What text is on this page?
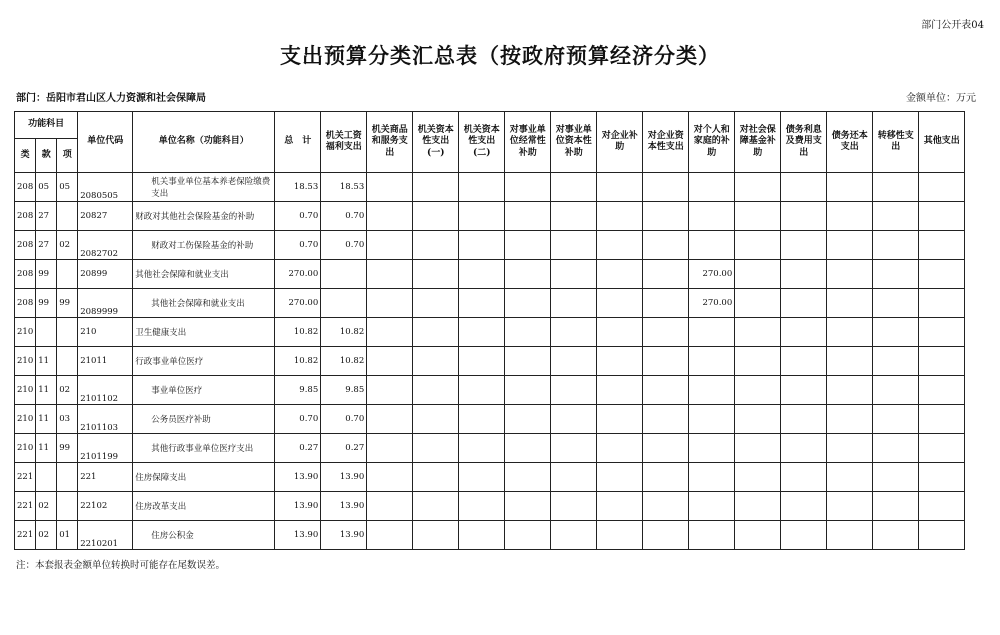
部门公开表04
支出预算分类汇总表（按政府预算经济分类）
部门：岳阳市君山区人力资源和社会保障局	金额单位：万元
功能科目			单位代码	单位名称（功能科目）	总　计	机关工资福利支出	机关商品和服务支出	机关资本性支出(一)	机关资本性支出(二)	对事业单位经常性补助	对事业单位资本性补助	对企业补助	对企业资本性支出	对个人和家庭的补助	对社会保障基金补助	债务利息及费用支出	债务还本支出	转移性支出	其他支出
类	款	项																	
208	05	05	2080505	机关事业单位基本养老保险缴费支出	18.53	18.53													
208	27		20827	财政对其他社会保险基金的补助	0.70	0.70													
208	27	02	2082702	财政对工伤保险基金的补助	0.70	0.70													
208	99		20899	其他社会保障和就业支出	270.00									270.00					
208	99	99	2089999	其他社会保障和就业支出	270.00									270.00					
210			210	卫生健康支出	10.82	10.82													
210	11		21011	行政事业单位医疗	10.82	10.82													
210	11	02	2101102	事业单位医疗	9.85	9.85													
210	11	03	2101103	公务员医疗补助	0.70	0.70													
210	11	99	2101199	其他行政事业单位医疗支出	0.27	0.27													
221			221	住房保障支出	13.90	13.90													
221	02		22102	住房改革支出	13.90	13.90													
221	02	01	2210201	住房公积金	13.90	13.90													
注：本套报表金额单位转换时可能存在尾数误差。
